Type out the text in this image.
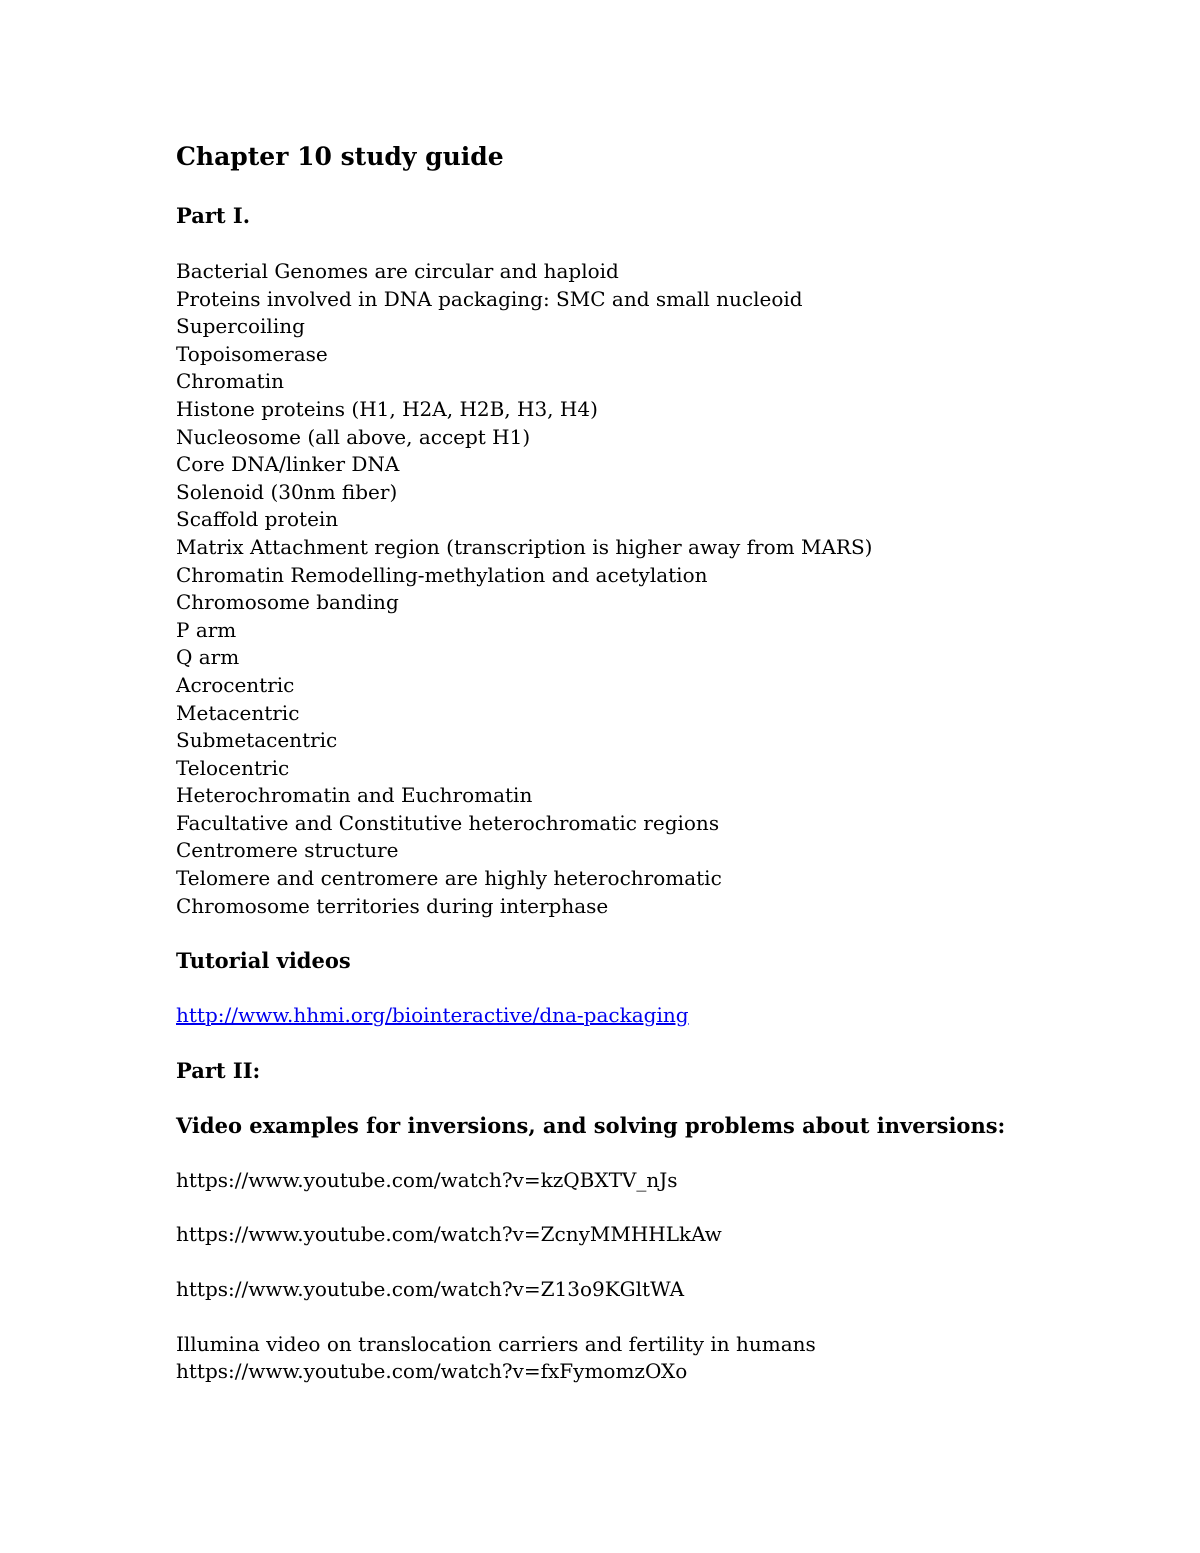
Chapter 10 study guide
Part I.
Bacterial Genomes are circular and haploid
Proteins involved in DNA packaging: SMC and small nucleoid
Supercoiling
Topoisomerase
Chromatin
Histone proteins (H1, H2A, H2B, H3, H4)
Nucleosome (all above, accept H1)
Core DNA/linker DNA
Solenoid (30nm fiber)
Scaffold protein
Matrix Attachment region (transcription is higher away from MARS)
Chromatin Remodelling-methylation and acetylation
Chromosome banding
P arm
Q arm
Acrocentric
Metacentric
Submetacentric
Telocentric
Heterochromatin and Euchromatin
Facultative and Constitutive heterochromatic regions
Centromere structure
Telomere and centromere are highly heterochromatic
Chromosome territories during interphase
Tutorial videos
http://www.hhmi.org/biointeractive/dna-packaging
Part II:
Video examples for inversions, and solving problems about inversions:
https://www.youtube.com/watch?v=kzQBXTV_nJs
https://www.youtube.com/watch?v=ZcnyMMHHLkAw
https://www.youtube.com/watch?v=Z13o9KGltWA
Illumina video on translocation carriers and fertility in humans
https://www.youtube.com/watch?v=fxFymomzOXo
